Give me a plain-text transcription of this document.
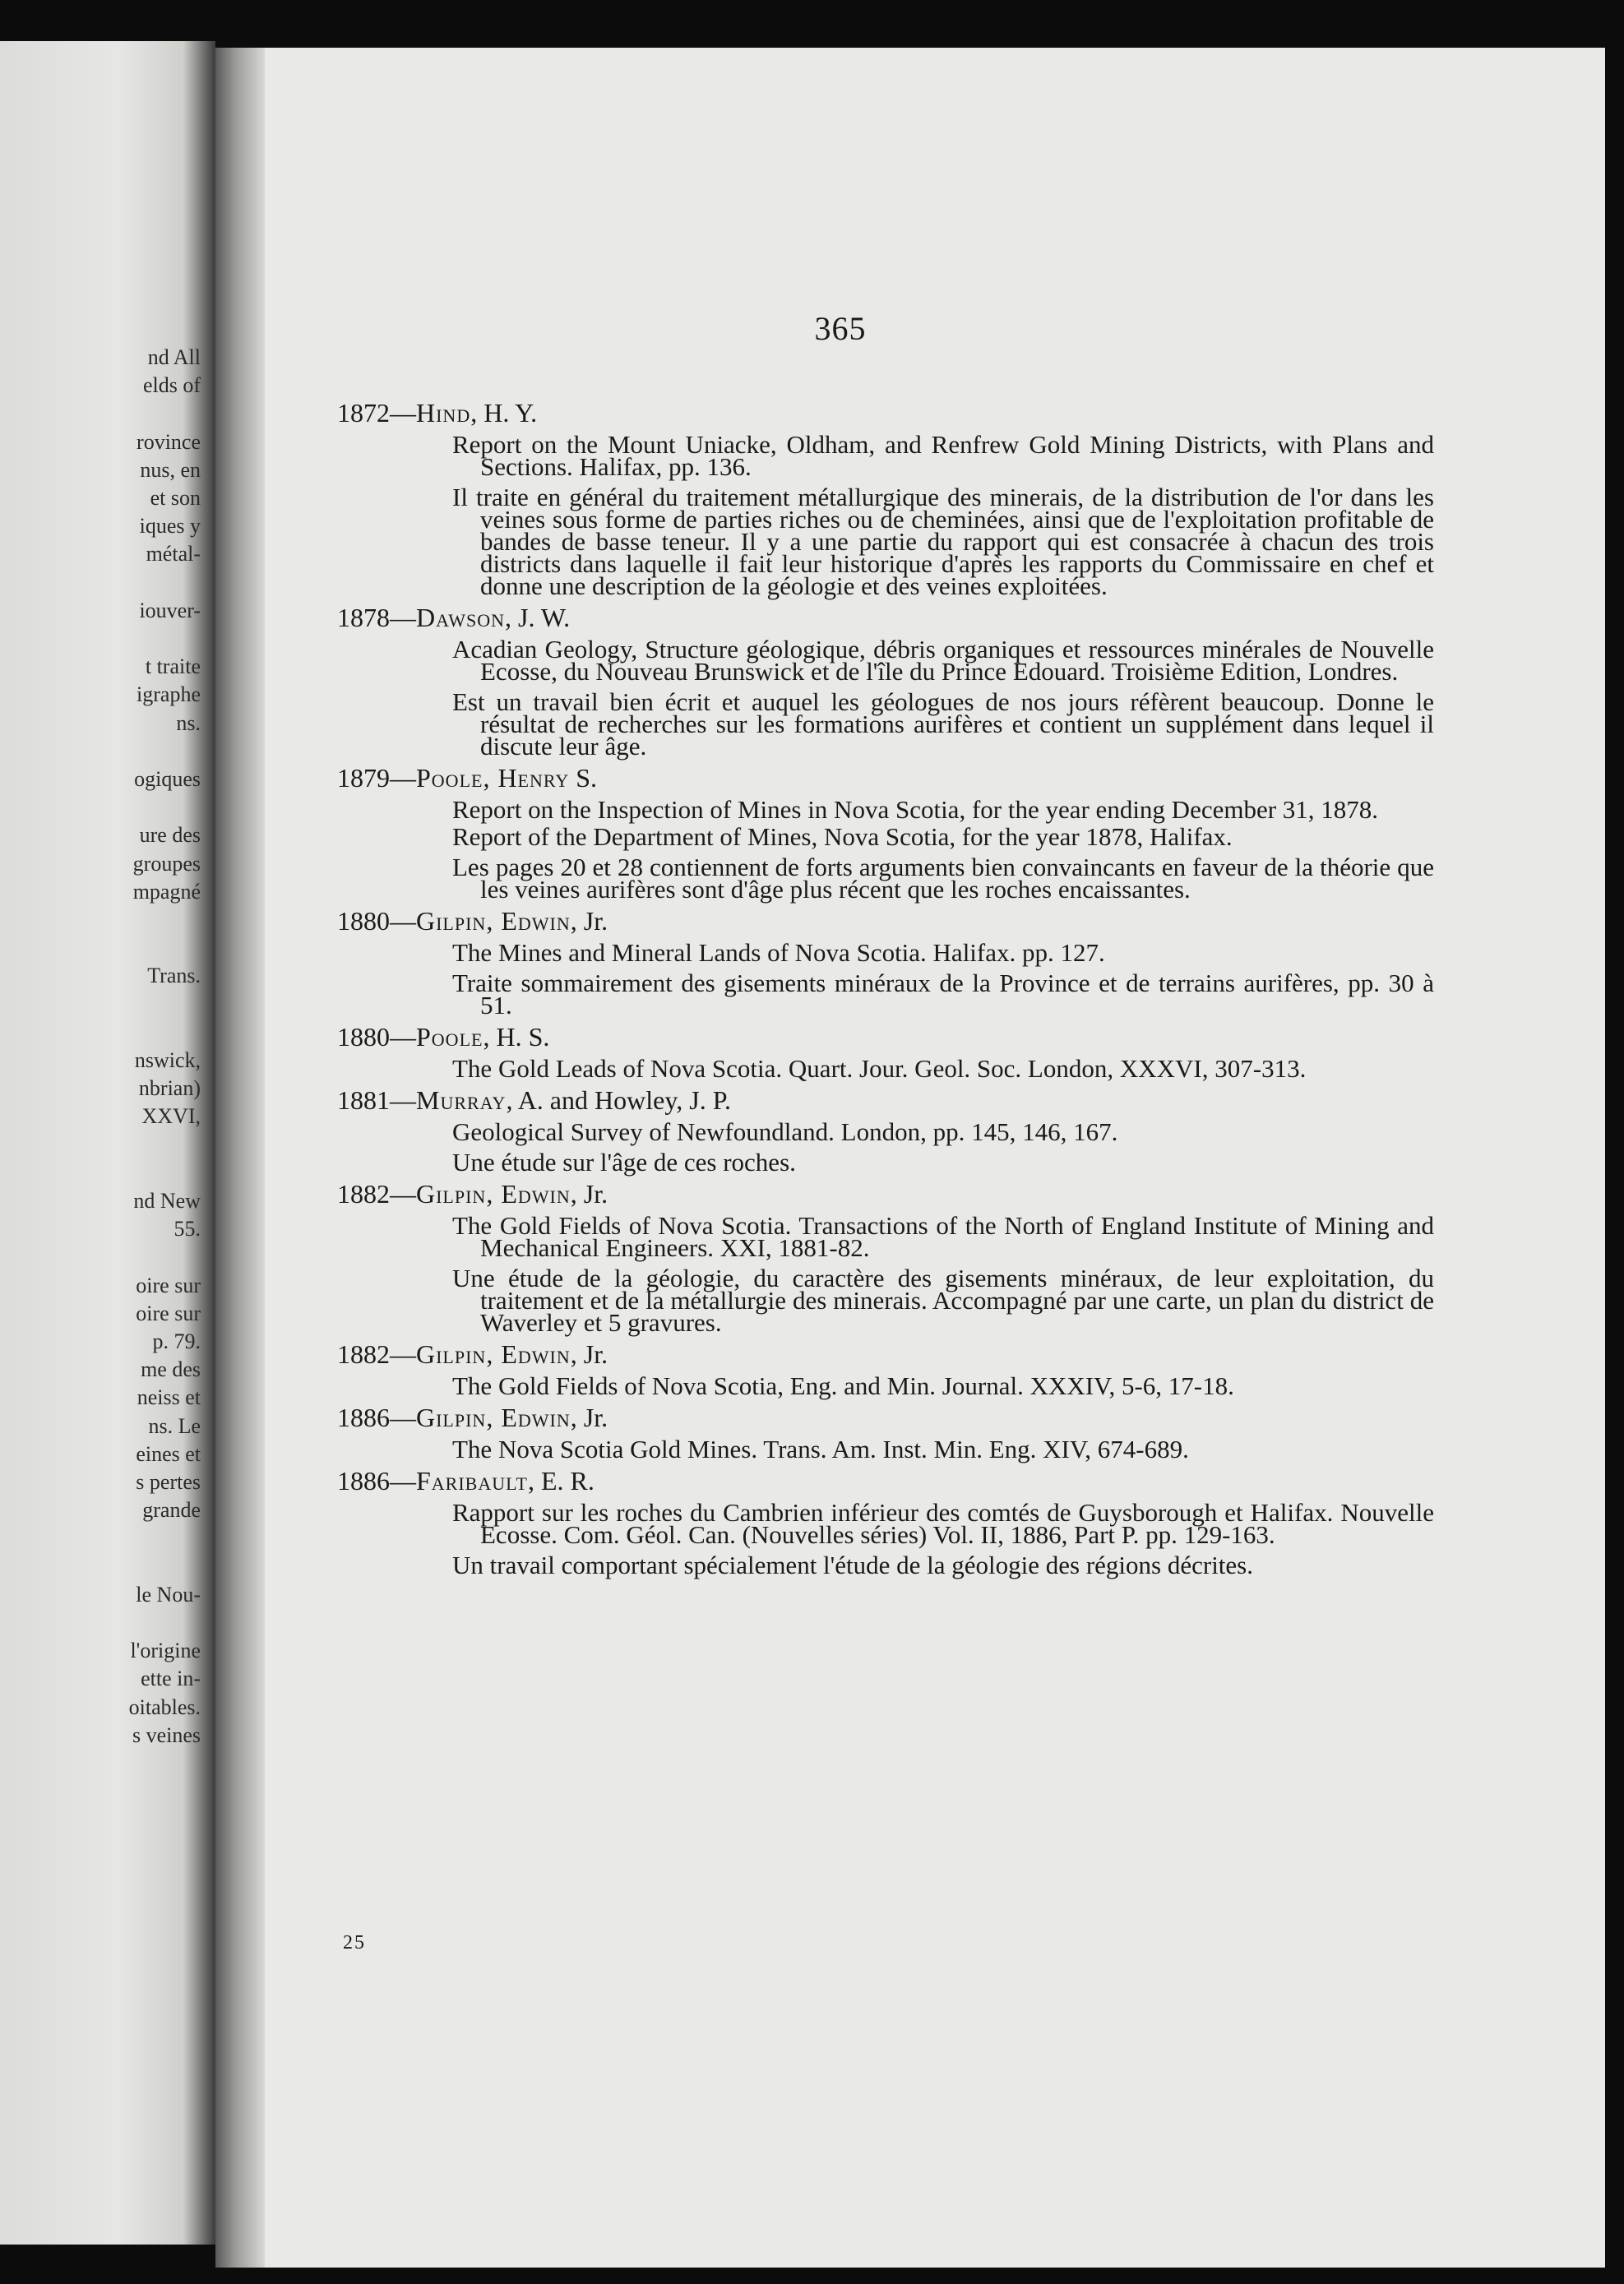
nd All
elds of
rovince
nus, en
et son
iques y
métal-
iouver-
t traite
igraphe
ns.
ogiques
ure des
groupes
mpagné
Trans.
nswick,
nbrian)
XXVI,
nd New
55.
oire sur
oire sur
p. 79.
me des
neiss et
ns. Le
eines et
s pertes
grande
le Nou-
l'origine
ette in-
oitables.
s veines
365
1872—Hind, H. Y.
Report on the Mount Uniacke, Oldham, and Renfrew Gold Mining Districts, with Plans and Sections. Halifax, pp. 136.
Il traite en général du traitement métallurgique des minerais, de la distribution de l'or dans les veines sous forme de parties riches ou de cheminées, ainsi que de l'exploitation profitable de bandes de basse teneur. Il y a une partie du rapport qui est consacrée à chacun des trois districts dans laquelle il fait leur historique d'après les rapports du Commissaire en chef et donne une description de la géologie et des veines exploitées.
1878—Dawson, J. W.
Acadian Geology, Structure géologique, débris organiques et ressources minérales de Nouvelle Ecosse, du Nouveau Brunswick et de l'île du Prince Edouard. Troisième Edition, Londres.
Est un travail bien écrit et auquel les géologues de nos jours réfèrent beaucoup. Donne le résultat de recherches sur les formations aurifères et contient un supplément dans lequel il discute leur âge.
1879—Poole, Henry S.
Report on the Inspection of Mines in Nova Scotia, for the year ending December 31, 1878.
Report of the Department of Mines, Nova Scotia, for the year 1878, Halifax.
Les pages 20 et 28 contiennent de forts arguments bien convaincants en faveur de la théorie que les veines aurifères sont d'âge plus récent que les roches encaissantes.
1880—Gilpin, Edwin, Jr.
The Mines and Mineral Lands of Nova Scotia. Halifax. pp. 127.
Traite sommairement des gisements minéraux de la Province et de terrains aurifères, pp. 30 à 51.
1880—Poole, H. S.
The Gold Leads of Nova Scotia. Quart. Jour. Geol. Soc. London, XXXVI, 307-313.
1881—Murray, A. and Howley, J. P.
Geological Survey of Newfoundland. London, pp. 145, 146, 167.
Une étude sur l'âge de ces roches.
1882—Gilpin, Edwin, Jr.
The Gold Fields of Nova Scotia. Transactions of the North of England Institute of Mining and Mechanical Engineers. XXI, 1881-82.
Une étude de la géologie, du caractère des gisements minéraux, de leur exploitation, du traitement et de la métallurgie des minerais. Accompagné par une carte, un plan du district de Waverley et 5 gravures.
1882—Gilpin, Edwin, Jr.
The Gold Fields of Nova Scotia, Eng. and Min. Journal. XXXIV, 5-6, 17-18.
1886—Gilpin, Edwin, Jr.
The Nova Scotia Gold Mines. Trans. Am. Inst. Min. Eng. XIV, 674-689.
1886—Faribault, E. R.
Rapport sur les roches du Cambrien inférieur des comtés de Guysborough et Halifax. Nouvelle Ecosse. Com. Géol. Can. (Nouvelles séries) Vol. II, 1886, Part P. pp. 129-163.
Un travail comportant spécialement l'étude de la géologie des régions décrites.
25
